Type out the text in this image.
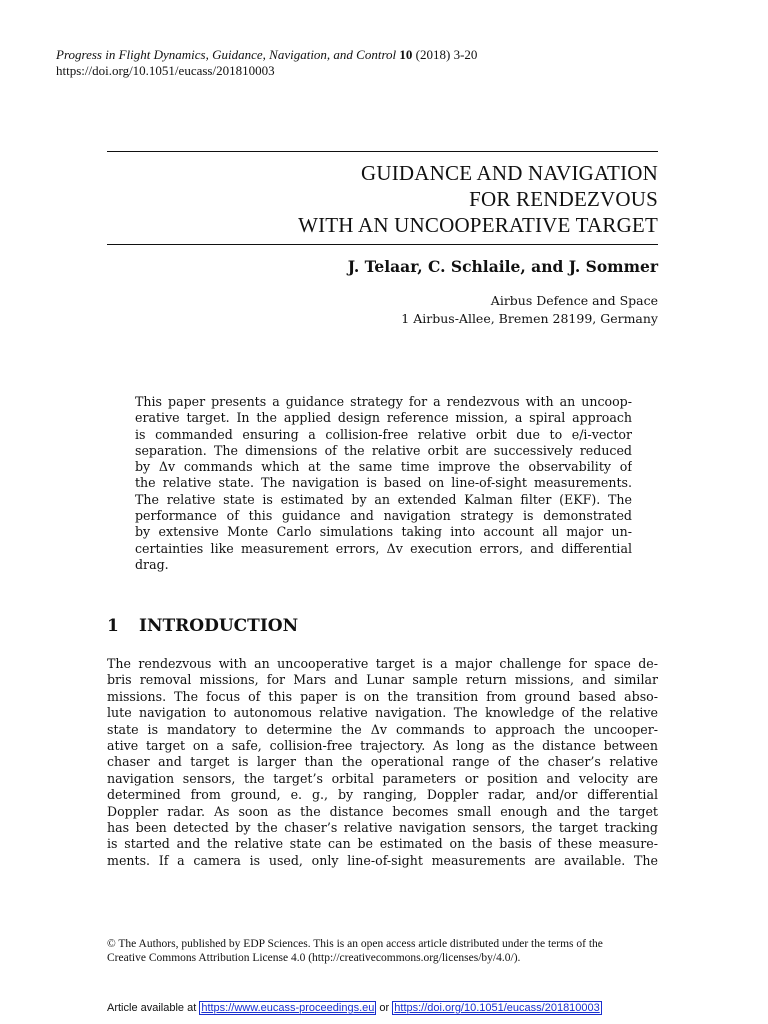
Progress in Flight Dynamics, Guidance, Navigation, and Control 10 (2018) 3-20
https://doi.org/10.1051/eucass/201810003
GUIDANCE AND NAVIGATION
FOR RENDEZVOUS
WITH AN UNCOOPERATIVE TARGET
J. Telaar, C. Schlaile, and J. Sommer
Airbus Defence and Space
1 Airbus-Allee, Bremen 28199, Germany
This paper presents a guidance strategy for a rendezvous with an uncoop-
erative target. In the applied design reference mission, a spiral approach
is commanded ensuring a collision-free relative orbit due to e/i-vector
separation. The dimensions of the relative orbit are successively reduced
by Δv commands which at the same time improve the observability of
the relative state. The navigation is based on line-of-sight measurements.
The relative state is estimated by an extended Kalman filter (EKF). The
performance of this guidance and navigation strategy is demonstrated
by extensive Monte Carlo simulations taking into account all major un-
certainties like measurement errors, Δv execution errors, and differential
drag.
1 INTRODUCTION
The rendezvous with an uncooperative target is a major challenge for space de-
bris removal missions, for Mars and Lunar sample return missions, and similar
missions. The focus of this paper is on the transition from ground based abso-
lute navigation to autonomous relative navigation. The knowledge of the relative
state is mandatory to determine the Δv commands to approach the uncooper-
ative target on a safe, collision-free trajectory. As long as the distance between
chaser and target is larger than the operational range of the chaser’s relative
navigation sensors, the target’s orbital parameters or position and velocity are
determined from ground, e. g., by ranging, Doppler radar, and/or differential
Doppler radar. As soon as the distance becomes small enough and the target
has been detected by the chaser’s relative navigation sensors, the target tracking
is started and the relative state can be estimated on the basis of these measure-
ments. If a camera is used, only line-of-sight measurements are available. The
© The Authors, published by EDP Sciences. This is an open access article distributed under the terms of the
Creative Commons Attribution License 4.0 (http://creativecommons.org/licenses/by/4.0/).
Article available at https://www.eucass-proceedings.eu or https://doi.org/10.1051/eucass/201810003
